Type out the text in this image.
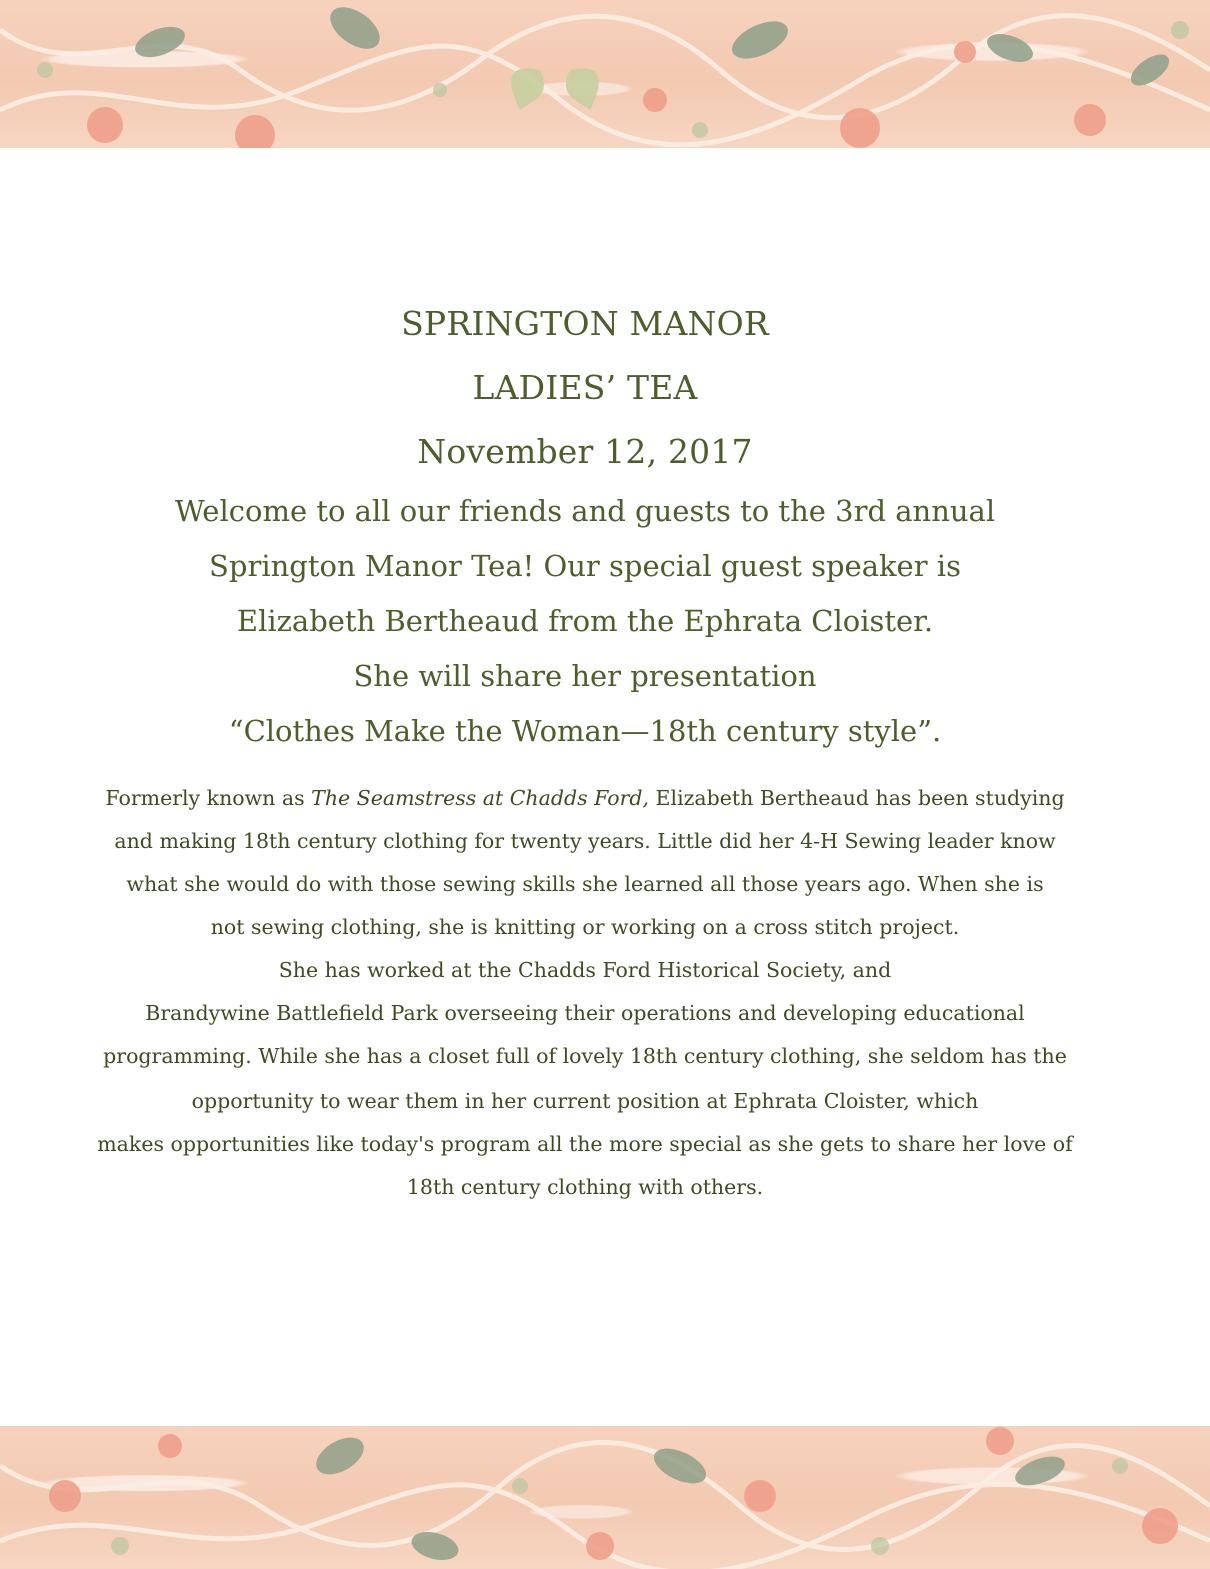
SPRINGTON MANOR
LADIES’ TEA
November 12, 2017
Welcome to all our friends and guests to the 3rd annual
Springton Manor Tea! Our special guest speaker is
Elizabeth Bertheaud from the Ephrata Cloister.
She will share her presentation
“Clothes Make the Woman—18th century style”.
Formerly known as The Seamstress at Chadds Ford, Elizabeth Bertheaud has been studying
and making 18th century clothing for twenty years. Little did her 4-H Sewing leader know
what she would do with those sewing skills she learned all those years ago. When she is
not sewing clothing, she is knitting or working on a cross stitch project.
She has worked at the Chadds Ford Historical Society, and
Brandywine Battlefield Park overseeing their operations and developing educational
programming. While she has a closet full of lovely 18th century clothing, she seldom has the
opportunity to wear them in her current position at Ephrata Cloister, which
makes opportunities like today's program all the more special as she gets to share her love of
18th century clothing with others.
